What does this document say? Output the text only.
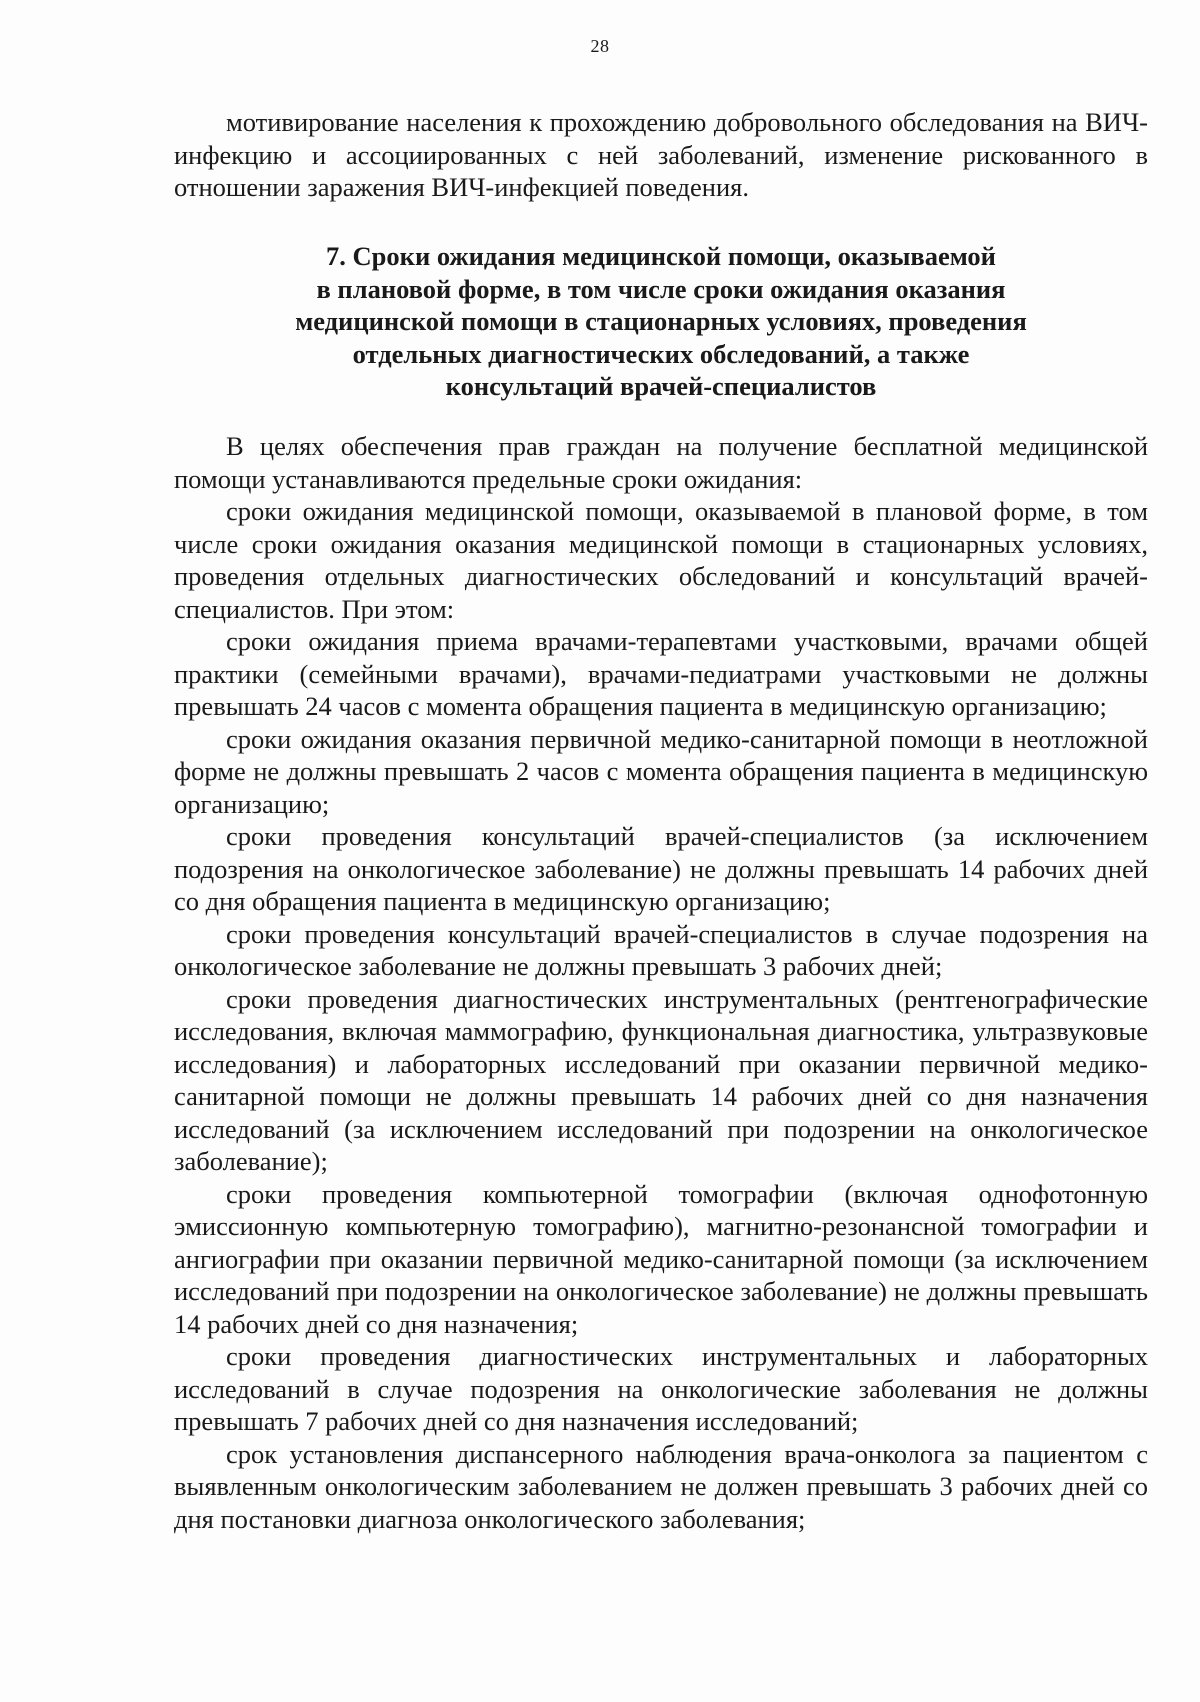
28

мотивирование населения к прохождению добровольного обследования на ВИЧ-инфекцию и ассоциированных с ней заболеваний, изменение рискованного в отношении заражения ВИЧ-инфекцией поведения.

7. Сроки ожидания медицинской помощи, оказываемой
в плановой форме, в том числе сроки ожидания оказания
медицинской помощи в стационарных условиях, проведения
отдельных диагностических обследований, а также
консультаций врачей-специалистов

В целях обеспечения прав граждан на получение бесплатной медицинской помощи устанавливаются предельные сроки ожидания:

сроки ожидания медицинской помощи, оказываемой в плановой форме, в том числе сроки ожидания оказания медицинской помощи в стационарных условиях, проведения отдельных диагностических обследований и консультаций врачей-специалистов. При этом:

сроки ожидания приема врачами-терапевтами участковыми, врачами общей практики (семейными врачами), врачами-педиатрами участковыми не должны превышать 24 часов с момента обращения пациента в медицинскую организацию;

сроки ожидания оказания первичной медико-санитарной помощи в неотложной форме не должны превышать 2 часов с момента обращения пациента в медицинскую организацию;

сроки проведения консультаций врачей-специалистов (за исключением подозрения на онкологическое заболевание) не должны превышать 14 рабочих дней со дня обращения пациента в медицинскую организацию;

сроки проведения консультаций врачей-специалистов в случае подозрения на онкологическое заболевание не должны превышать 3 рабочих дней;

сроки проведения диагностических инструментальных (рентгенографические исследования, включая маммографию, функциональная диагностика, ультразвуковые исследования) и лабораторных исследований при оказании первичной медико-санитарной помощи не должны превышать 14 рабочих дней со дня назначения исследований (за исключением исследований при подозрении на онкологическое заболевание);

сроки проведения компьютерной томографии (включая однофотонную эмиссионную компьютерную томографию), магнитно-резонансной томографии и ангиографии при оказании первичной медико-санитарной помощи (за исключением исследований при подозрении на онкологическое заболевание) не должны превышать 14 рабочих дней со дня назначения;

сроки проведения диагностических инструментальных и лабораторных исследований в случае подозрения на онкологические заболевания не должны превышать 7 рабочих дней со дня назначения исследований;

срок установления диспансерного наблюдения врача-онколога за пациентом с выявленным онкологическим заболеванием не должен превышать 3 рабочих дней со дня постановки диагноза онкологического заболевания;
